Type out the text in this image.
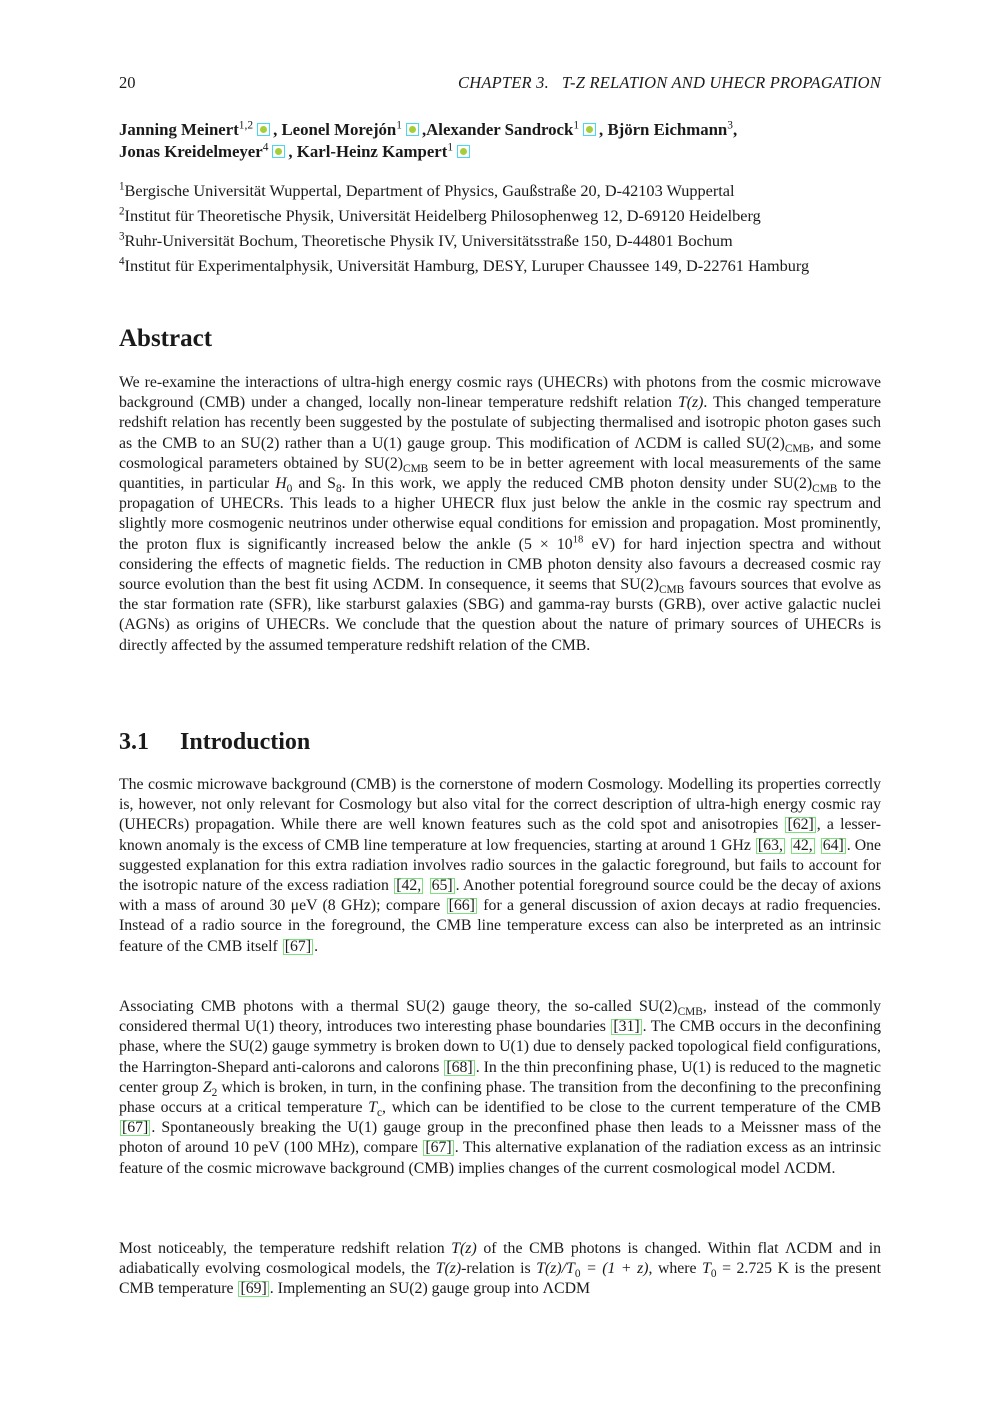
20	CHAPTER 3.   T-Z RELATION AND UHECR PROPAGATION
Janning Meinert$^{1,2}$ , Leonel Morejón$^1$ ,Alexander Sandrock$^1$ , Björn Eichmann$^3$,
Jonas Kreidelmeyer$^4$ , Karl-Heinz Kampert$^1$
$^1$Bergische Universität Wuppertal, Department of Physics, Gaußstraße 20, D-42103 Wuppertal
$^2$Institut für Theoretische Physik, Universität Heidelberg Philosophenweg 12, D-69120 Heidelberg
$^3$Ruhr-Universität Bochum, Theoretische Physik IV, Universitätsstraße 150, D-44801 Bochum
$^4$Institut für Experimentalphysik, Universität Hamburg, DESY, Luruper Chaussee 149, D-22761 Hamburg
Abstract

We re-examine the interactions of ultra-high energy cosmic rays (UHECRs) with photons from the cosmic microwave background (CMB) under a changed, locally non-linear temperature redshift relation T(z). This changed temperature redshift relation has recently been suggested by the postulate of subjecting thermalised and isotropic photon gases such as the CMB to an SU(2) rather than a U(1) gauge group. This modification of ΛCDM is called $SU(2)_{CMB}$, and some cosmological parameters obtained by $SU(2)_{CMB}$ seem to be in better agreement with local measurements of the same quantities, in particular $H_0$ and $S_8$. In this work, we apply the reduced CMB photon density under $SU(2)_{CMB}$ to the propagation of UHECRs. This leads to a higher UHECR flux just below the ankle in the cosmic ray spectrum and slightly more cosmogenic neutrinos under otherwise equal conditions for emission and propagation. Most prominently, the proton flux is significantly increased below the ankle ($5 \times 10^{18}$ eV) for hard injection spectra and without considering the effects of magnetic fields. The reduction in CMB photon density also favours a decreased cosmic ray source evolution than the best fit using ΛCDM. In consequence, it seems that $SU(2)_{CMB}$ favours sources that evolve as the star formation rate (SFR), like starburst galaxies (SBG) and gamma-ray bursts (GRB), over active galactic nuclei (AGNs) as origins of UHECRs. We conclude that the question about the nature of primary sources of UHECRs is directly affected by the assumed temperature redshift relation of the CMB.

3.1 Introduction

The cosmic microwave background (CMB) is the cornerstone of modern Cosmology. Modelling its properties correctly is, however, not only relevant for Cosmology but also vital for the correct description of ultra-high energy cosmic ray (UHECRs) propagation. While there are well known features such as the cold spot and anisotropies [62] , a lesser-known anomaly is the excess of CMB line temperature at low frequencies, starting at around 1 GHz [63, 42, 64] . One suggested explanation for this extra radiation involves radio sources in the galactic foreground, but fails to account for the isotropic nature of the excess radiation [42, 65] . Another potential foreground source could be the decay of axions with a mass of around 30 μeV (8 GHz); compare [66] for a general discussion of axion decays at radio frequencies. Instead of a radio source in the foreground, the CMB line temperature excess can also be interpreted as an intrinsic feature of the CMB itself [67] .

Associating CMB photons with a thermal SU(2) gauge theory, the so-called $SU(2)_{CMB}$, instead of the commonly considered thermal U(1) theory, introduces two interesting phase boundaries [31] . The CMB occurs in the deconfining phase, where the SU(2) gauge symmetry is broken down to U(1) due to densely packed topological field configurations, the Harrington-Shepard anti-calorons and calorons [68] . In the thin preconfining phase, U(1) is reduced to the magnetic center group $Z_2$ which is broken, in turn, in the confining phase. The transition from the deconfining to the preconfining phase occurs at a critical temperature $T_c$, which can be identified to be close to the current temperature of the CMB [67] . Spontaneously breaking the U(1) gauge group in the preconfined phase then leads to a Meissner mass of the photon of around 10 peV (100 MHz), compare [67] . This alternative explanation of the radiation excess as an intrinsic feature of the cosmic microwave background (CMB) implies changes of the current cosmological model ΛCDM.

Most noticeably, the temperature redshift relation T(z) of the CMB photons is changed. Within flat ΛCDM and in adiabatically evolving cosmological models, the T(z)-relation is $T(z)/T_0 = (1 + z)$, where $T_0 = 2.725$ K is the present CMB temperature [69] . Implementing an SU(2) gauge group into ΛCDM
